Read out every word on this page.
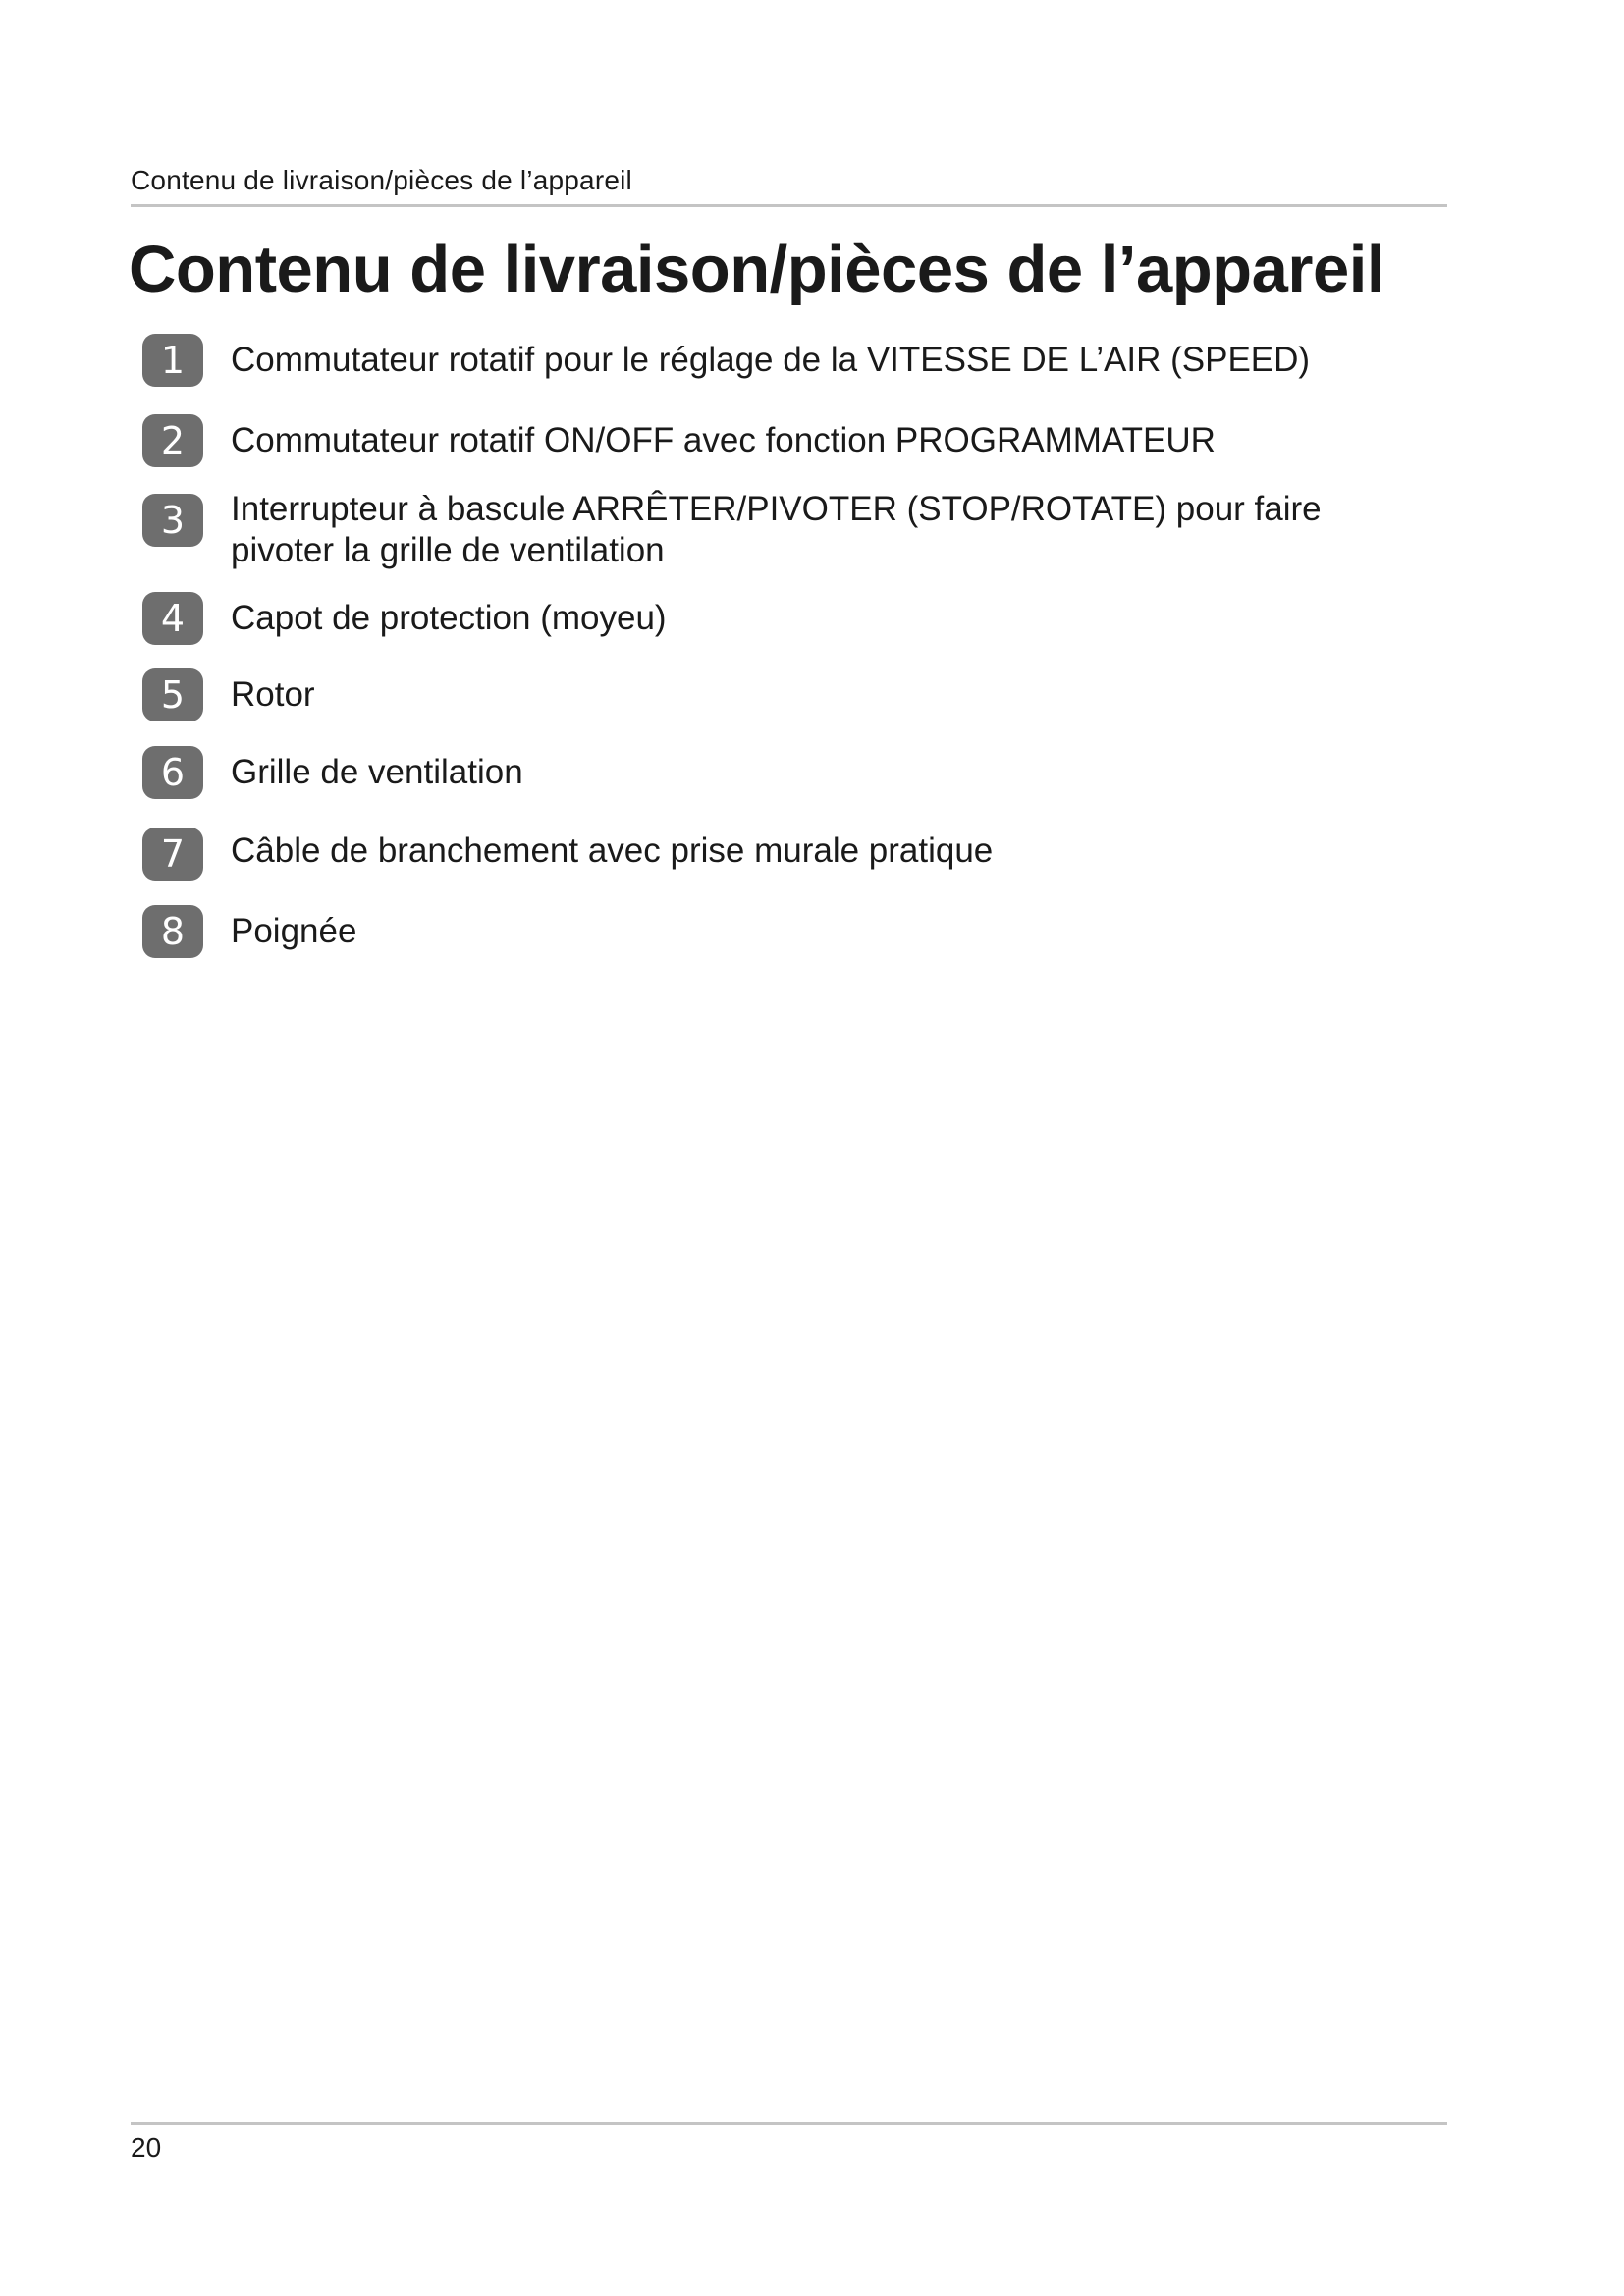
Contenu de livraison/pièces de l’appareil
Contenu de livraison/pièces de l’appareil
1	Commutateur rotatif pour le réglage de la VITESSE DE L’AIR (SPEED)
2	Commutateur rotatif ON/OFF avec fonction PROGRAMMATEUR
3	Interrupteur à bascule ARRÊTER/PIVOTER (STOP/ROTATE) pour faire pivoter la grille de ventilation
4	Capot de protection (moyeu)
5	Rotor
6	Grille de ventilation
7	Câble de branchement avec prise murale pratique
8	Poignée
20
